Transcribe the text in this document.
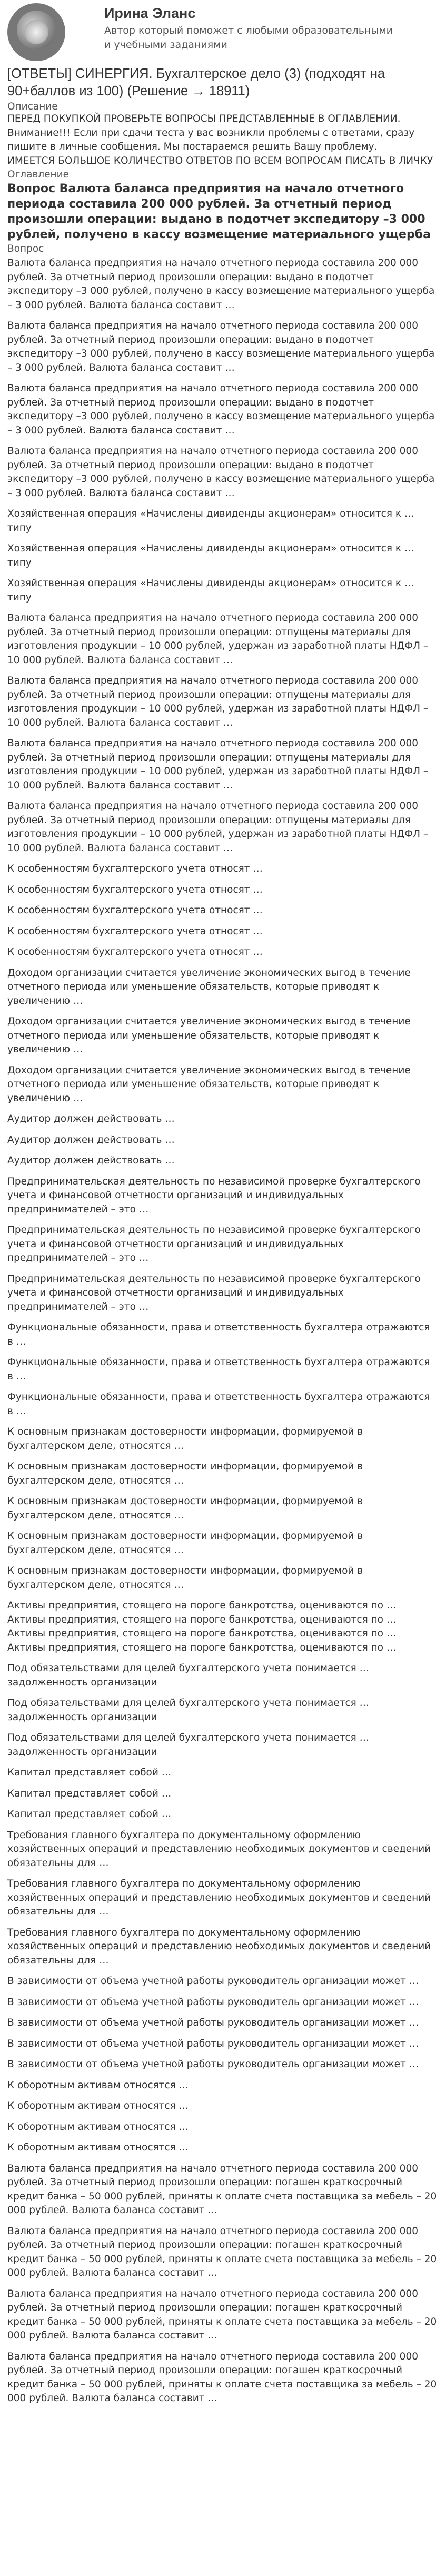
Ирина Эланс
Автор который поможет с любыми образовательными и учебными заданиями
[ОТВЕТЫ] СИНЕРГИЯ. Бухгалтерское дело (3) (подходят на 90+баллов из 100) (Решение → 18911)
Описание
ПЕРЕД ПОКУПКОЙ ПРОВЕРЬТЕ ВОПРОСЫ ПРЕДСТАВЛЕННЫЕ В ОГЛАВЛЕНИИ.
Внимание!!! Если при сдачи теста у вас возникли проблемы с ответами, сразу пишите в личные сообщения. Мы постараемся решить Вашу проблему.
ИМЕЕТСЯ БОЛЬШОЕ КОЛИЧЕСТВО ОТВЕТОВ ПО ВСЕМ ВОПРОСАМ ПИСАТЬ В ЛИЧКУ
Оглавление
Вопрос Валюта баланса предприятия на начало отчетного периода составила 200 000 рублей. За отчетный период произошли операции: выдано в подотчет экспедитору –3 000 рублей, получено в кассу возмещение материального ущерба
Вопрос
Валюта баланса предприятия на начало отчетного периода составила 200 000 рублей. За отчетный период произошли операции: выдано в подотчет экспедитору –3 000 рублей, получено в кассу возмещение материального ущерба – 3 000 рублей. Валюта баланса составит …
Валюта баланса предприятия на начало отчетного периода составила 200 000 рублей. За отчетный период произошли операции: выдано в подотчет экспедитору –3 000 рублей, получено в кассу возмещение материального ущерба – 3 000 рублей. Валюта баланса составит …
Валюта баланса предприятия на начало отчетного периода составила 200 000 рублей. За отчетный период произошли операции: выдано в подотчет экспедитору –3 000 рублей, получено в кассу возмещение материального ущерба – 3 000 рублей. Валюта баланса составит …
Валюта баланса предприятия на начало отчетного периода составила 200 000 рублей. За отчетный период произошли операции: выдано в подотчет экспедитору –3 000 рублей, получено в кассу возмещение материального ущерба – 3 000 рублей. Валюта баланса составит …
Хозяйственная операция «Начислены дивиденды акционерам» относится к … типу
Хозяйственная операция «Начислены дивиденды акционерам» относится к … типу
Хозяйственная операция «Начислены дивиденды акционерам» относится к … типу
Валюта баланса предприятия на начало отчетного периода составила 200 000 рублей. За отчетный период произошли операции: отпущены материалы для изготовления продукции – 10 000 рублей, удержан из заработной платы НДФЛ – 10 000 рублей. Валюта баланса составит …
Валюта баланса предприятия на начало отчетного периода составила 200 000 рублей. За отчетный период произошли операции: отпущены материалы для изготовления продукции – 10 000 рублей, удержан из заработной платы НДФЛ – 10 000 рублей. Валюта баланса составит …
Валюта баланса предприятия на начало отчетного периода составила 200 000 рублей. За отчетный период произошли операции: отпущены материалы для изготовления продукции – 10 000 рублей, удержан из заработной платы НДФЛ – 10 000 рублей. Валюта баланса составит …
Валюта баланса предприятия на начало отчетного периода составила 200 000 рублей. За отчетный период произошли операции: отпущены материалы для изготовления продукции – 10 000 рублей, удержан из заработной платы НДФЛ – 10 000 рублей. Валюта баланса составит …
К особенностям бухгалтерского учета относят …
К особенностям бухгалтерского учета относят …
К особенностям бухгалтерского учета относят …
К особенностям бухгалтерского учета относят …
К особенностям бухгалтерского учета относят …
Доходом организации считается увеличение экономических выгод в течение отчетного периода или уменьшение обязательств, которые приводят к увеличению …
Доходом организации считается увеличение экономических выгод в течение отчетного периода или уменьшение обязательств, которые приводят к увеличению …
Доходом организации считается увеличение экономических выгод в течение отчетного периода или уменьшение обязательств, которые приводят к увеличению …
Аудитор должен действовать …
Аудитор должен действовать …
Аудитор должен действовать …
Предпринимательская деятельность по независимой проверке бухгалтерского учета и финансовой отчетности организаций и индивидуальных предпринимателей – это …
Предпринимательская деятельность по независимой проверке бухгалтерского учета и финансовой отчетности организаций и индивидуальных предпринимателей – это …
Предпринимательская деятельность по независимой проверке бухгалтерского учета и финансовой отчетности организаций и индивидуальных предпринимателей – это …
Функциональные обязанности, права и ответственность бухгалтера отражаются в …
Функциональные обязанности, права и ответственность бухгалтера отражаются в …
Функциональные обязанности, права и ответственность бухгалтера отражаются в …
К основным признакам достоверности информации, формируемой в бухгалтерском деле, относятся …
К основным признакам достоверности информации, формируемой в бухгалтерском деле, относятся …
К основным признакам достоверности информации, формируемой в бухгалтерском деле, относятся …
К основным признакам достоверности информации, формируемой в бухгалтерском деле, относятся …
К основным признакам достоверности информации, формируемой в бухгалтерском деле, относятся …
Активы предприятия, стоящего на пороге банкротства, оцениваются по …
Активы предприятия, стоящего на пороге банкротства, оцениваются по …
Активы предприятия, стоящего на пороге банкротства, оцениваются по …
Активы предприятия, стоящего на пороге банкротства, оцениваются по …
Под обязательствами для целей бухгалтерского учета понимается … задолженность организации
Под обязательствами для целей бухгалтерского учета понимается … задолженность организации
Под обязательствами для целей бухгалтерского учета понимается … задолженность организации
Капитал представляет собой …
Капитал представляет собой …
Капитал представляет собой …
Требования главного бухгалтера по документальному оформлению хозяйственных операций и представлению необходимых документов и сведений обязательны для …
Требования главного бухгалтера по документальному оформлению хозяйственных операций и представлению необходимых документов и сведений обязательны для …
Требования главного бухгалтера по документальному оформлению хозяйственных операций и представлению необходимых документов и сведений обязательны для …
В зависимости от объема учетной работы руководитель организации может …
В зависимости от объема учетной работы руководитель организации может …
В зависимости от объема учетной работы руководитель организации может …
В зависимости от объема учетной работы руководитель организации может …
В зависимости от объема учетной работы руководитель организации может …
К оборотным активам относятся …
К оборотным активам относятся …
К оборотным активам относятся …
К оборотным активам относятся …
Валюта баланса предприятия на начало отчетного периода составила 200 000 рублей. За отчетный период произошли операции: погашен краткосрочный кредит банка – 50 000 рублей, приняты к оплате счета поставщика за мебель – 20 000 рублей. Валюта баланса составит …
Валюта баланса предприятия на начало отчетного периода составила 200 000 рублей. За отчетный период произошли операции: погашен краткосрочный кредит банка – 50 000 рублей, приняты к оплате счета поставщика за мебель – 20 000 рублей. Валюта баланса составит …
Валюта баланса предприятия на начало отчетного периода составила 200 000 рублей. За отчетный период произошли операции: погашен краткосрочный кредит банка – 50 000 рублей, приняты к оплате счета поставщика за мебель – 20 000 рублей. Валюта баланса составит …
Валюта баланса предприятия на начало отчетного периода составила 200 000 рублей. За отчетный период произошли операции: погашен краткосрочный кредит банка – 50 000 рублей, приняты к оплате счета поставщика за мебель – 20 000 рублей. Валюта баланса составит …
